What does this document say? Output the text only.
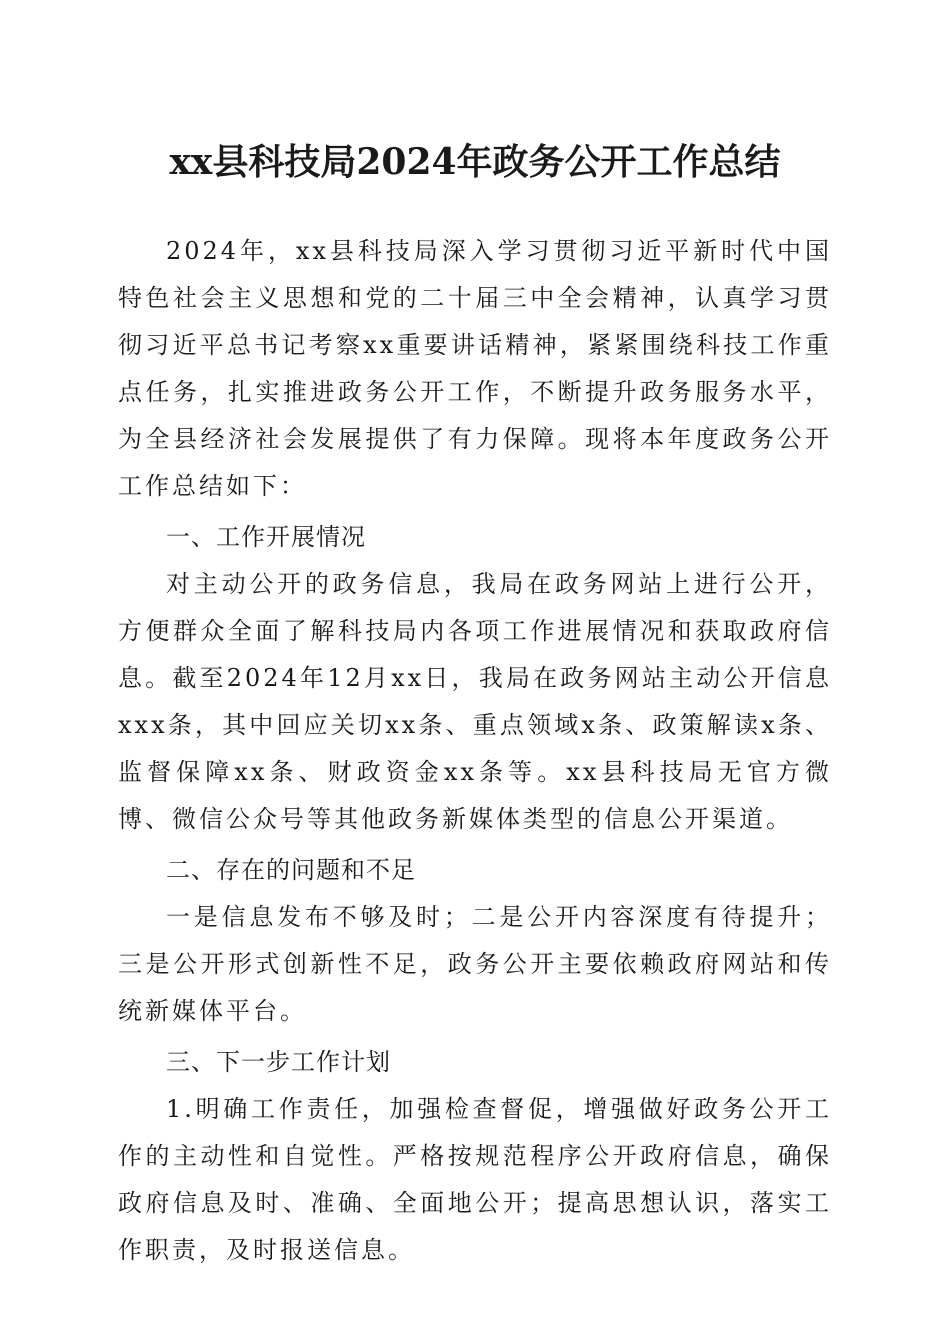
xx县科技局2024年政务公开工作总结

2024年，xx县科技局深入学习贯彻习近平新时代中国特色社会主义思想和党的二十届三中全会精神，认真学习贯彻习近平总书记考察xx重要讲话精神，紧紧围绕科技工作重点任务，扎实推进政务公开工作，不断提升政务服务水平，为全县经济社会发展提供了有力保障。现将本年度政务公开工作总结如下：

一、工作开展情况

对主动公开的政务信息，我局在政务网站上进行公开，方便群众全面了解科技局内各项工作进展情况和获取政府信息。截至2024年12月xx日，我局在政务网站主动公开信息xxx条，其中回应关切xx条、重点领域x条、政策解读x条、监督保障xx条、财政资金xx条等。xx县科技局无官方微博、微信公众号等其他政务新媒体类型的信息公开渠道。

二、存在的问题和不足

一是信息发布不够及时；二是公开内容深度有待提升；三是公开形式创新性不足，政务公开主要依赖政府网站和传统新媒体平台。

三、下一步工作计划

1.明确工作责任，加强检查督促，增强做好政务公开工作的主动性和自觉性。严格按规范程序公开政府信息，确保政府信息及时、准确、全面地公开；提高思想认识，落实工作职责，及时报送信息。
